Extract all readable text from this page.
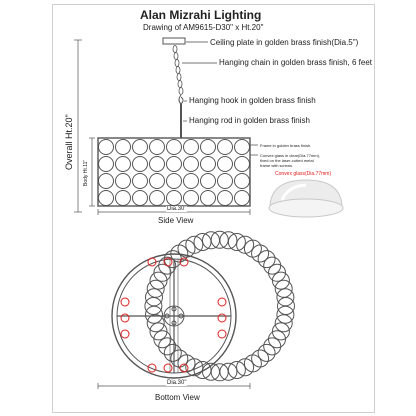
Alan Mizrahi Lighting
Drawing of AM9615-D30" x Ht.20"
Ceiling plate in golden brass finish(Dia.5")
Hanging chain in golden brass finish, 6 feet
Hanging hook in golden brass finish
Hanging rod in golden brass finish
Frame in golden brass finish.
Convex glass in clear(Dia.77mm), fixed on the laser-cutted metal frame with screws.
Convex glass(Dia.77mm)
Overall Ht.20"
Body Ht.11"
Dia.30"
Side View
Dia.30"
Bottom View
